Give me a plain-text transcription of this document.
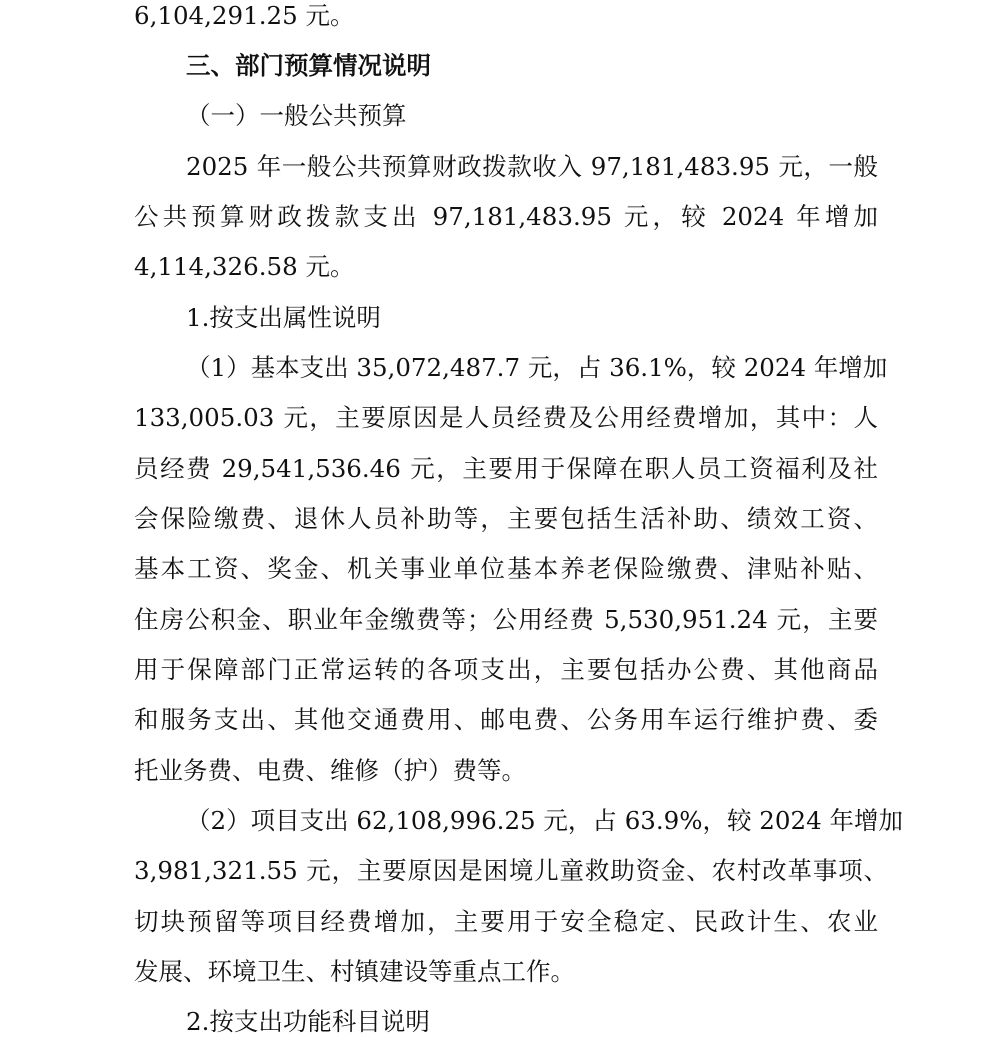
6,104,291.25 元。
三、部门预算情况说明
（一）一般公共预算
2025 年一般公共预算财政拨款收入 97,181,483.95 元，一般
公共预算财政拨款支出 97,181,483.95 元，较 2024 年增加
4,114,326.58 元。
1.按支出属性说明
（1）基本支出 35,072,487.7 元，占 36.1%，较 2024 年增加
133,005.03 元，主要原因是人员经费及公用经费增加，其中：人
员经费 29,541,536.46 元，主要用于保障在职人员工资福利及社
会保险缴费、退休人员补助等，主要包括生活补助、绩效工资、
基本工资、奖金、机关事业单位基本养老保险缴费、津贴补贴、
住房公积金、职业年金缴费等；公用经费 5,530,951.24 元，主要
用于保障部门正常运转的各项支出，主要包括办公费、其他商品
和服务支出、其他交通费用、邮电费、公务用车运行维护费、委
托业务费、电费、维修（护）费等。
（2）项目支出 62,108,996.25 元，占 63.9%，较 2024 年增加
3,981,321.55 元，主要原因是困境儿童救助资金、农村改革事项、
切块预留等项目经费增加，主要用于安全稳定、民政计生、农业
发展、环境卫生、村镇建设等重点工作。
2.按支出功能科目说明
